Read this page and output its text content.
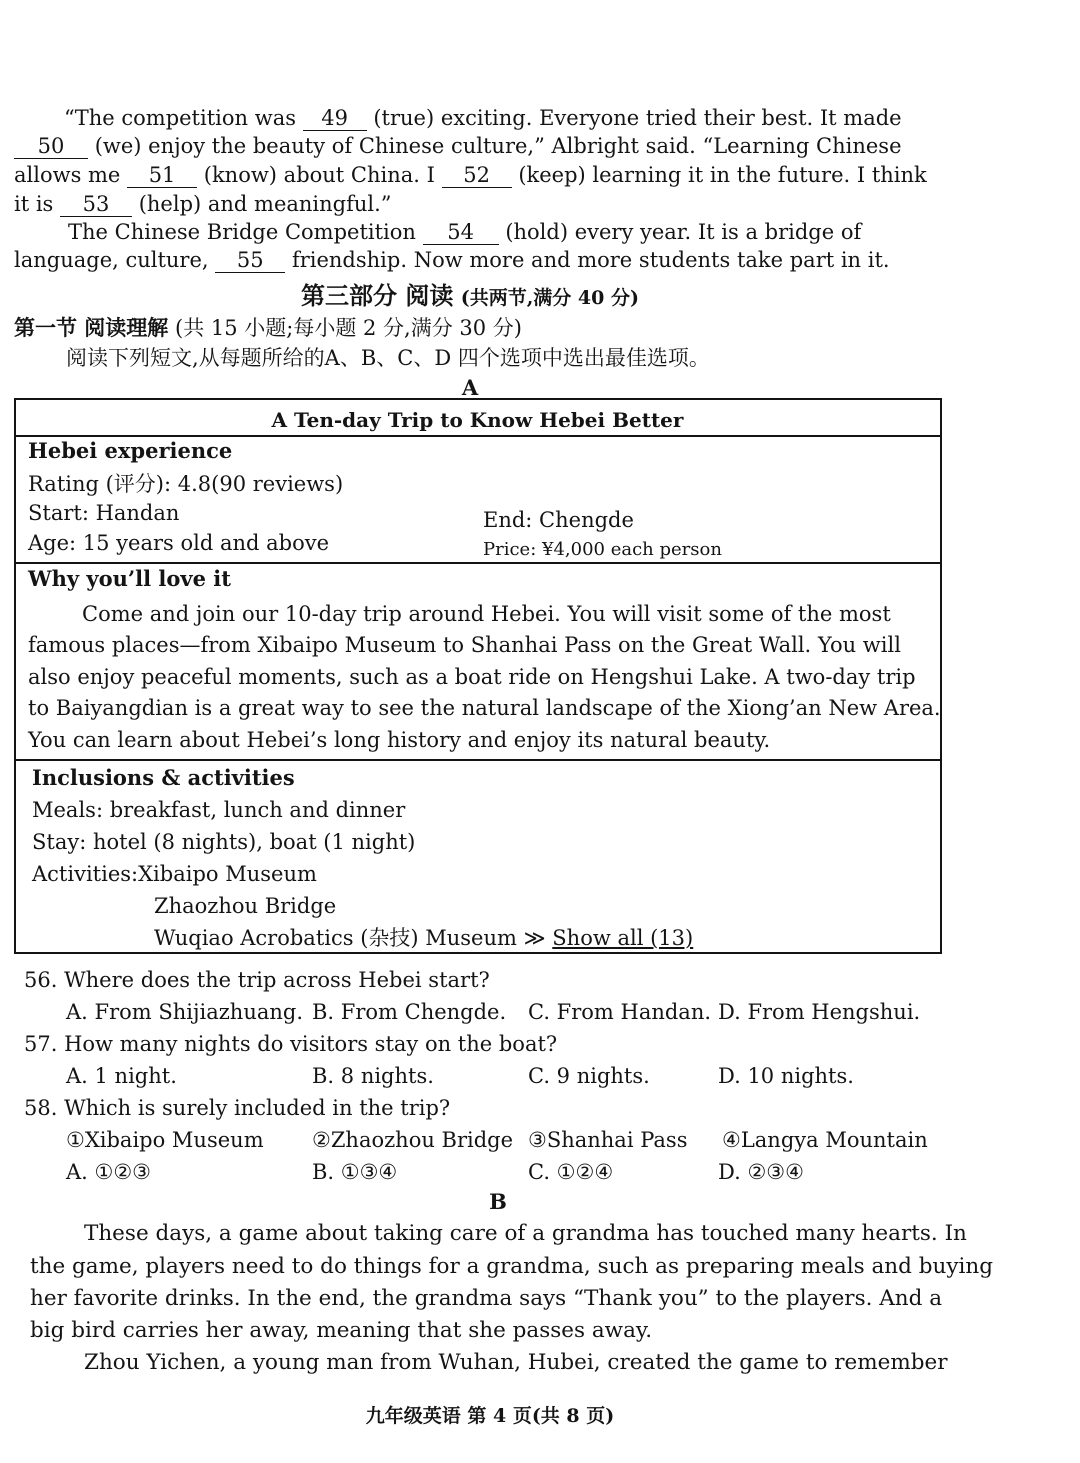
“The competition was 49 (true) exciting. Everyone tried their best. It made
50 (we) enjoy the beauty of Chinese culture,” Albright said. “Learning Chinese
allows me 51 (know) about China. I 52 (keep) learning it in the future. I think
it is 53 (help) and meaningful.”
The Chinese Bridge Competition 54 (hold) every year. It is a bridge of
language, culture, 55 friendship. Now more and more students take part in it.
第三部分 阅读 (共两节,满分 40 分)
第一节 阅读理解 (共 15 小题;每小题 2 分,满分 30 分)
阅读下列短文,从每题所给的A、B、C、D 四个选项中选出最佳选项。
A
A Ten-day Trip to Know Hebei Better
Hebei experience
Rating (评分): 4.8(90 reviews)
Start: Handan	End: Chengde
Age: 15 years old and above	Price: ¥4,000 each person
Why you’ll love it
Come and join our 10-day trip around Hebei. You will visit some of the most
famous places—from Xibaipo Museum to Shanhai Pass on the Great Wall. You will
also enjoy peaceful moments, such as a boat ride on Hengshui Lake. A two-day trip
to Baiyangdian is a great way to see the natural landscape of the Xiong’an New Area.
You can learn about Hebei’s long history and enjoy its natural beauty.
Inclusions & activities
Meals: breakfast, lunch and dinner
Stay: hotel (8 nights), boat (1 night)
Activities:Xibaipo Museum
Zhaozhou Bridge
Wuqiao Acrobatics (杂技) Museum ≫ Show all (13)
56. Where does the trip across Hebei start?
A. From Shijiazhuang. B. From Chengde. C. From Handan. D. From Hengshui.
57. How many nights do visitors stay on the boat?
A. 1 night.	B. 8 nights.	C. 9 nights.	D. 10 nights.
58. Which is surely included in the trip?
①Xibaipo Museum ②Zhaozhou Bridge ③Shanhai Pass ④Langya Mountain
A. ①②③	B. ①③④	C. ①②④	D. ②③④
B
These days, a game about taking care of a grandma has touched many hearts. In
the game, players need to do things for a grandma, such as preparing meals and buying
her favorite drinks. In the end, the grandma says “Thank you” to the players. And a
big bird carries her away, meaning that she passes away.
Zhou Yichen, a young man from Wuhan, Hubei, created the game to remember
九年级英语 第 4 页(共 8 页)
